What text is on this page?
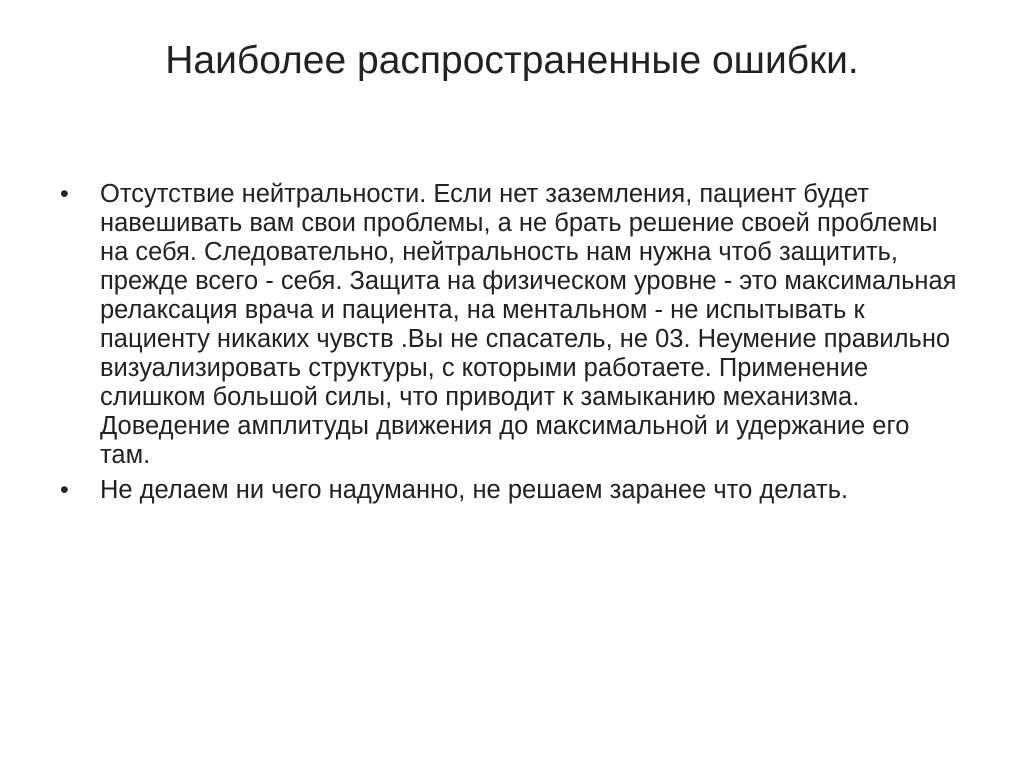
Наиболее распространенные ошибки.
•	Отсутствие нейтральности. Если нет заземления, пациент будет навешивать вам свои проблемы, а не брать решение своей проблемы на себя. Следовательно, нейтральность нам нужна чтоб защитить, прежде всего - себя. Защита на физическом уровне - это максимальная релаксация врача и пациента, на ментальном - не испытывать к пациенту никаких чувств .Вы не спасатель, не 03. Неумение правильно визуализировать структуры, с которыми работаете. Применение слишком большой силы, что приводит к замыканию механизма. Доведение амплитуды движения до максимальной и удержание его там.
•	Не делаем ни чего надуманно, не решаем заранее что делать.
